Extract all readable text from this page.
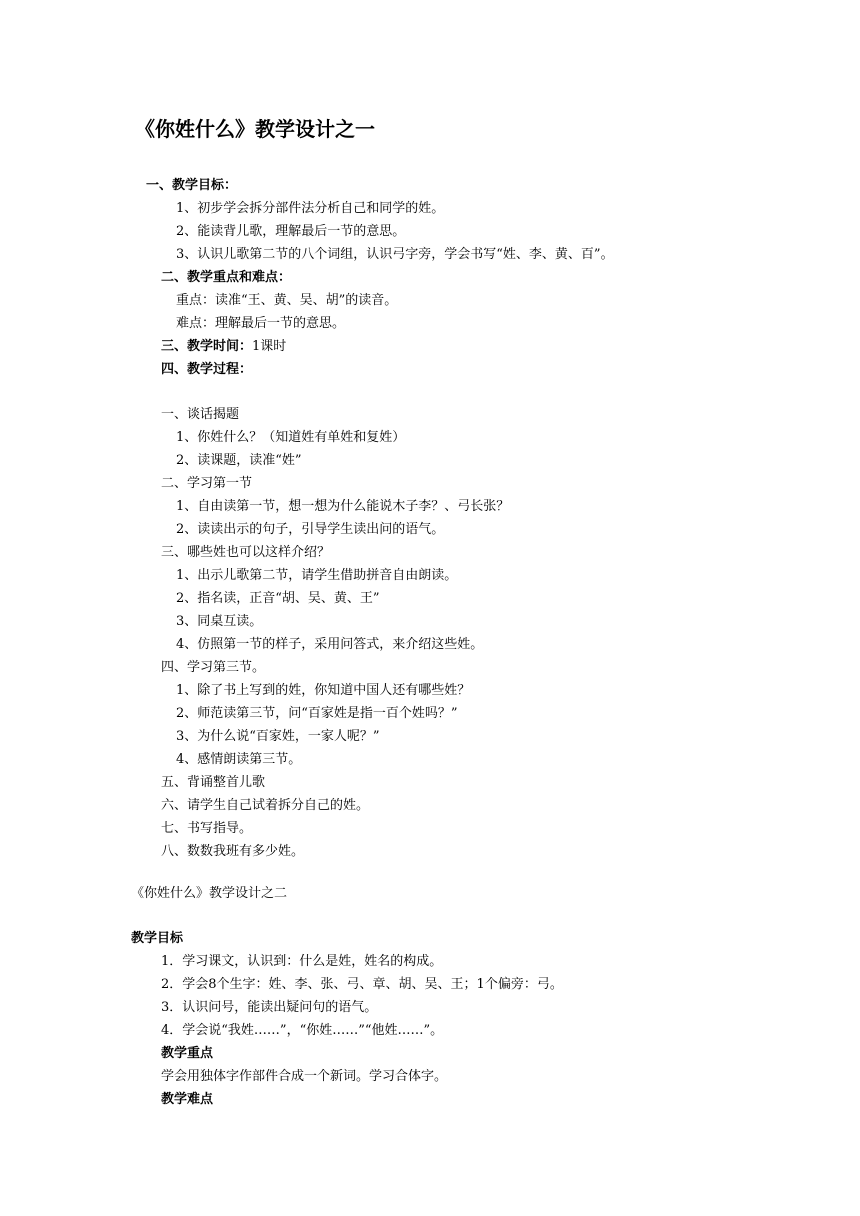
《你姓什么》教学设计之一
一、教学目标：
1、初步学会拆分部件法分析自己和同学的姓。
2、能读背儿歌，理解最后一节的意思。
3、认识儿歌第二节的八个词组，认识弓字旁，学会书写“姓、李、黄、百”。
二、教学重点和难点：
重点：读准“王、黄、吴、胡”的读音。
难点：理解最后一节的意思。
三、教学时间：1课时
四、教学过程：
一、谈话揭题
1、你姓什么？（知道姓有单姓和复姓）
2、读课题，读准“姓”
二、学习第一节
1、自由读第一节，想一想为什么能说木子李？、弓长张？
2、读读出示的句子，引导学生读出问的语气。
三、哪些姓也可以这样介绍？
1、出示儿歌第二节，请学生借助拼音自由朗读。
2、指名读，正音“胡、吴、黄、王”
3、同桌互读。
4、仿照第一节的样子，采用问答式，来介绍这些姓。
四、学习第三节。
1、除了书上写到的姓，你知道中国人还有哪些姓？
2、师范读第三节，问“百家姓是指一百个姓吗？”
3、为什么说“百家姓，一家人呢？”
4、感情朗读第三节。
五、背诵整首儿歌
六、请学生自己试着拆分自己的姓。
七、书写指导。
八、数数我班有多少姓。
《你姓什么》教学设计之二
教学目标
1．学习课文，认识到：什么是姓，姓名的构成。
2．学会8个生字：姓、李、张、弓、章、胡、吴、王；1个偏旁：弓。
3．认识问号，能读出疑问句的语气。
4．学会说“我姓……”，“你姓……”“他姓……”。
教学重点
学会用独体字作部件合成一个新词。学习合体字。
教学难点
